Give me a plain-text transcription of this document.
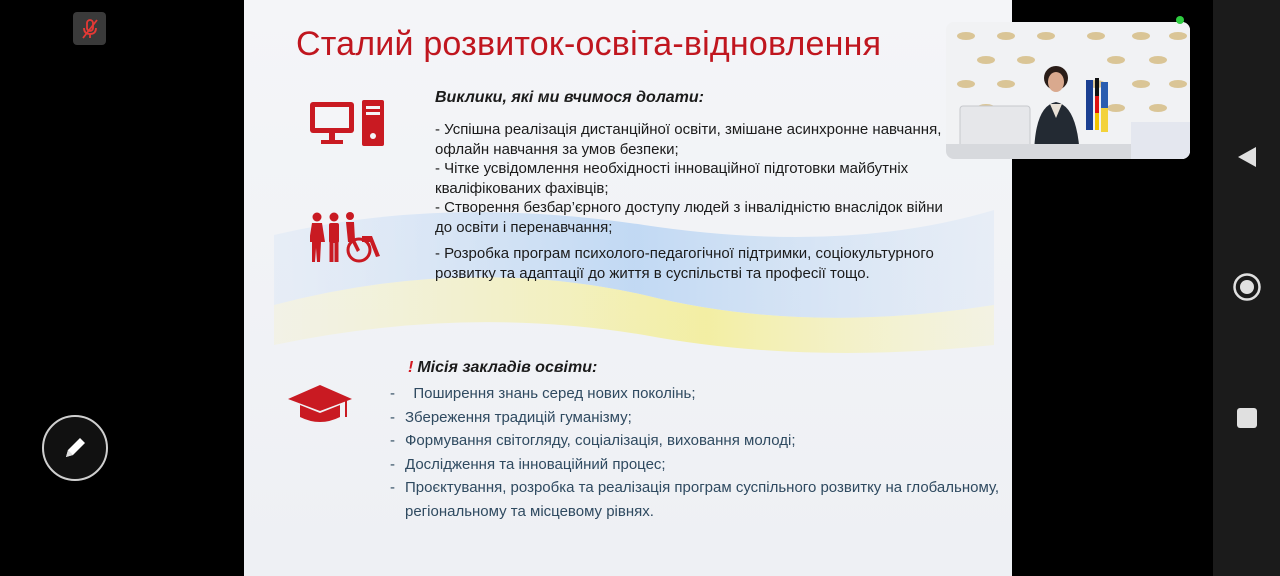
Сталий розвиток-освіта-відновлення
Виклики, які ми вчимося долати:
- Успішна реалізація дистанційної освіти, змішане асинхронне навчання, офлайн навчання за умов безпеки;
- Чітке усвідомлення необхідності інноваційної підготовки майбутніх кваліфікованих фахівців;
- Створення безбар’єрного доступу людей з інвалідністю внаслідок війни до освіти і перенавчання;
- Розробка програм психолого-педагогічної підтримки, соціокультурного розвитку та адаптації до життя в суспільстві та професії тощо.
! Місія закладів освіти:
- Поширення знань серед нових поколінь;
- Збереження традицій гуманізму;
- Формування світогляду, соціалізація, виховання молоді;
- Дослідження та інноваційний процес;
- Проєктування, розробка та реалізація програм суспільного розвитку на глобальному, регіональному та місцевому рівнях.
